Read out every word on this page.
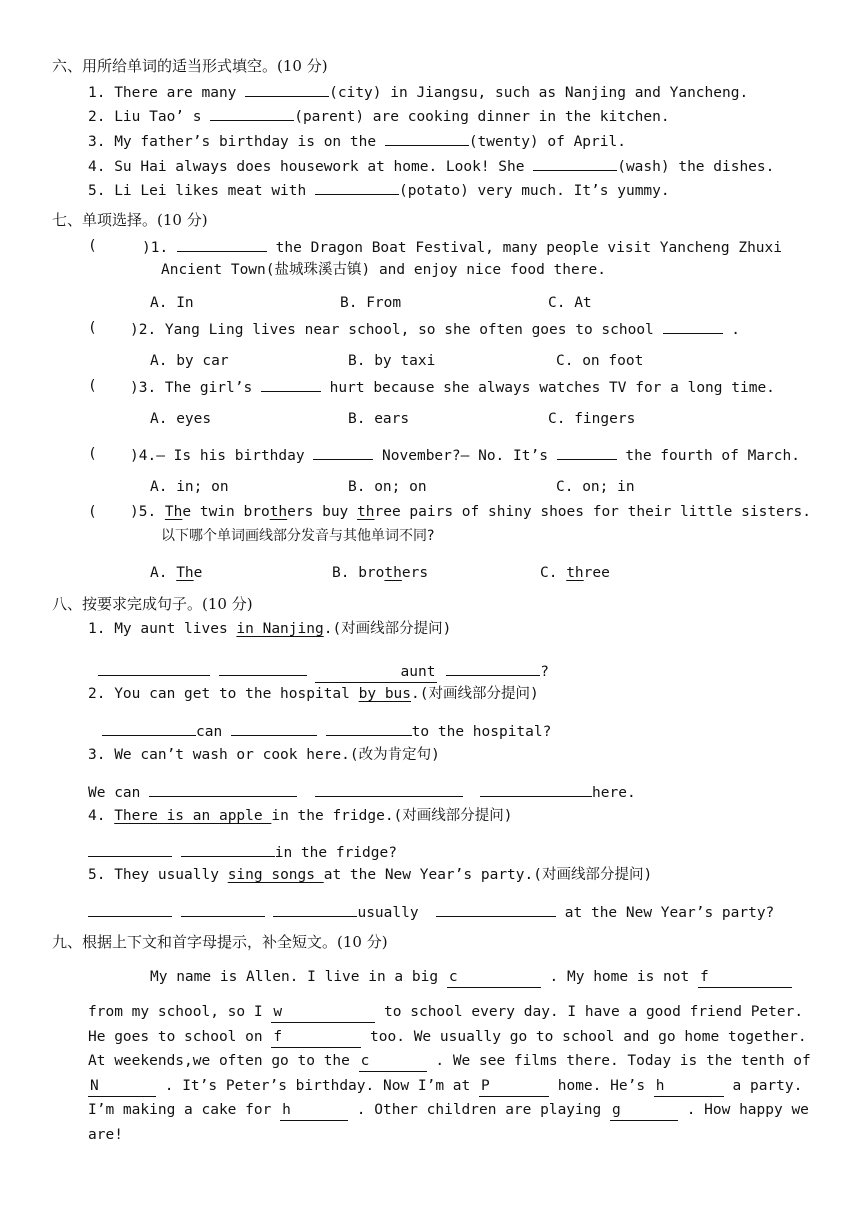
六、用所给单词的适当形式填空。(10 分)
1. There are many	(city) in Jiangsu, such as Nanjing and Yancheng.
2. Liu Tao’ s	(parent) are cooking dinner in the kitchen.
3. My father’s birthday is on the	(twenty) of April.
4. Su Hai always does housework at home. Look! She	(wash) the dishes.
5. Li Lei likes meat with	(potato) very much. It’s yummy.
七、单项选择。(10 分)
(	)1.	the Dragon Boat Festival, many people visit Yancheng Zhuxi
Ancient Town(盐城珠溪古镇) and enjoy nice food there.
A. In	B. From	C. At
( )2. Yang Ling lives near school, so she often goes to school	.
A. by car	B. by taxi	C. on foot
( )3. The girl’s	hurt because she always watches TV for a long time.
A. eyes	B. ears	C. fingers
( )4.— Is his birthday	November?— No. It’s	the fourth of March.
A. in; on	B. on; on	C. on; in
( )5. The twin brothers buy three pairs of shiny shoes for their little sisters.
以下哪个单词画线部分发音与其他单词不同?
A. The	B. brothers	C. three
八、按要求完成句子。(10 分)
1. My aunt lives in Nanjing.(对画线部分提问)
aunt	?
2. You can get to the hospital by bus.(对画线部分提问)
can	to the hospital?
3. We can’t wash or cook here.(改为肯定句)
We can	here.
4. There is an apple in the fridge.(对画线部分提问)
in the fridge?
5. They usually sing songs at the New Year’s party.(对画线部分提问)
usually	at the New Year’s party?
九、根据上下文和首字母提示，补全短文。(10 分)
My name is Allen. I live in a big c	. My home is not f
from my school, so I w	to school every day. I have a good friend Peter.
He goes to school on f	too. We usually go to school and go home together.
At weekends,we often go to the c	. We see films there. Today is the tenth of
N	. It’s Peter’s birthday. Now I’m at P	home. He’s h	a party.
I’m making a cake for h	. Other children are playing g	. How happy we
are!
